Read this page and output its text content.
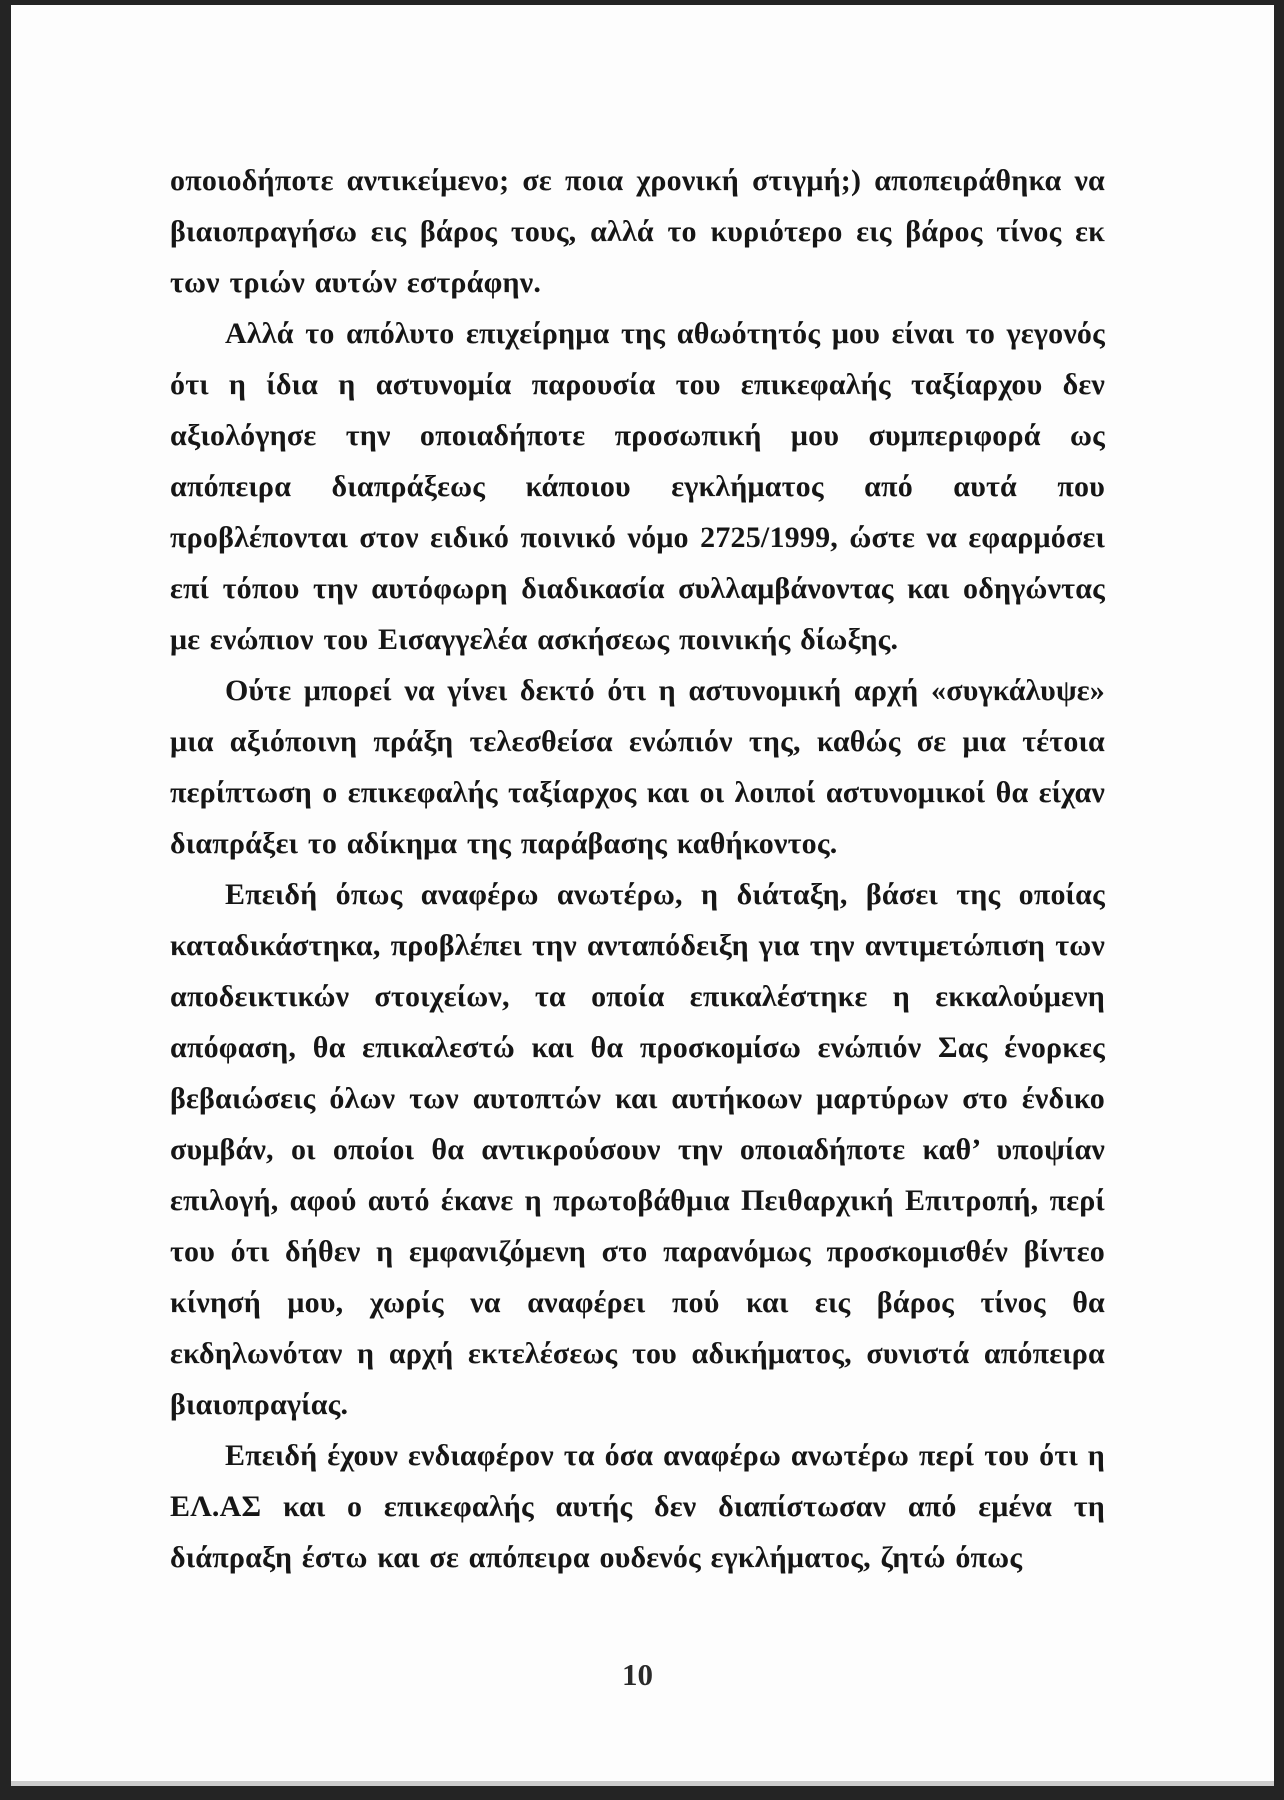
οποιοδήποτε αντικείμενο; σε ποια χρονική στιγμή;) αποπειράθηκα να βιαιοπραγήσω εις βάρος τους, αλλά το κυριότερο εις βάρος τίνος εκ των τριών αυτών εστράφην.

Αλλά το απόλυτο επιχείρημα της αθωότητός μου είναι το γεγονός ότι η ίδια η αστυνομία παρουσία του επικεφαλής ταξίαρχου δεν αξιολόγησε την οποιαδήποτε προσωπική μου συμπεριφορά ως απόπειρα διαπράξεως κάποιου εγκλήματος από αυτά που προβλέπονται στον ειδικό ποινικό νόμο 2725/1999, ώστε να εφαρμόσει επί τόπου την αυτόφωρη διαδικασία συλλαμβάνοντας και οδηγώντας με ενώπιον του Εισαγγελέα ασκήσεως ποινικής δίωξης.

Ούτε μπορεί να γίνει δεκτό ότι η αστυνομική αρχή «συγκάλυψε» μια αξιόποινη πράξη τελεσθείσα ενώπιόν της, καθώς σε μια τέτοια περίπτωση ο επικεφαλής ταξίαρχος και οι λοιποί αστυνομικοί θα είχαν διαπράξει το αδίκημα της παράβασης καθήκοντος.

Επειδή όπως αναφέρω ανωτέρω, η διάταξη, βάσει της οποίας καταδικάστηκα, προβλέπει την ανταπόδειξη για την αντιμετώπιση των αποδεικτικών στοιχείων, τα οποία επικαλέστηκε η εκκαλούμενη απόφαση, θα επικαλεστώ και θα προσκομίσω ενώπιόν Σας ένορκες βεβαιώσεις όλων των αυτοπτών και αυτήκοων μαρτύρων στο ένδικο συμβάν, οι οποίοι θα αντικρούσουν την οποιαδήποτε καθ’ υποψίαν επιλογή, αφού αυτό έκανε η πρωτοβάθμια Πειθαρχική Επιτροπή, περί του ότι δήθεν η εμφανιζόμενη στο παρανόμως προσκομισθέν βίντεο κίνησή μου, χωρίς να αναφέρει πού και εις βάρος τίνος θα εκδηλωνόταν η αρχή εκτελέσεως του αδικήματος, συνιστά απόπειρα βιαιοπραγίας.

Επειδή έχουν ενδιαφέρον τα όσα αναφέρω ανωτέρω περί του ότι η ΕΛ.ΑΣ και ο επικεφαλής αυτής δεν διαπίστωσαν από εμένα τη διάπραξη έστω και σε απόπειρα ουδενός εγκλήματος, ζητώ όπως

10
